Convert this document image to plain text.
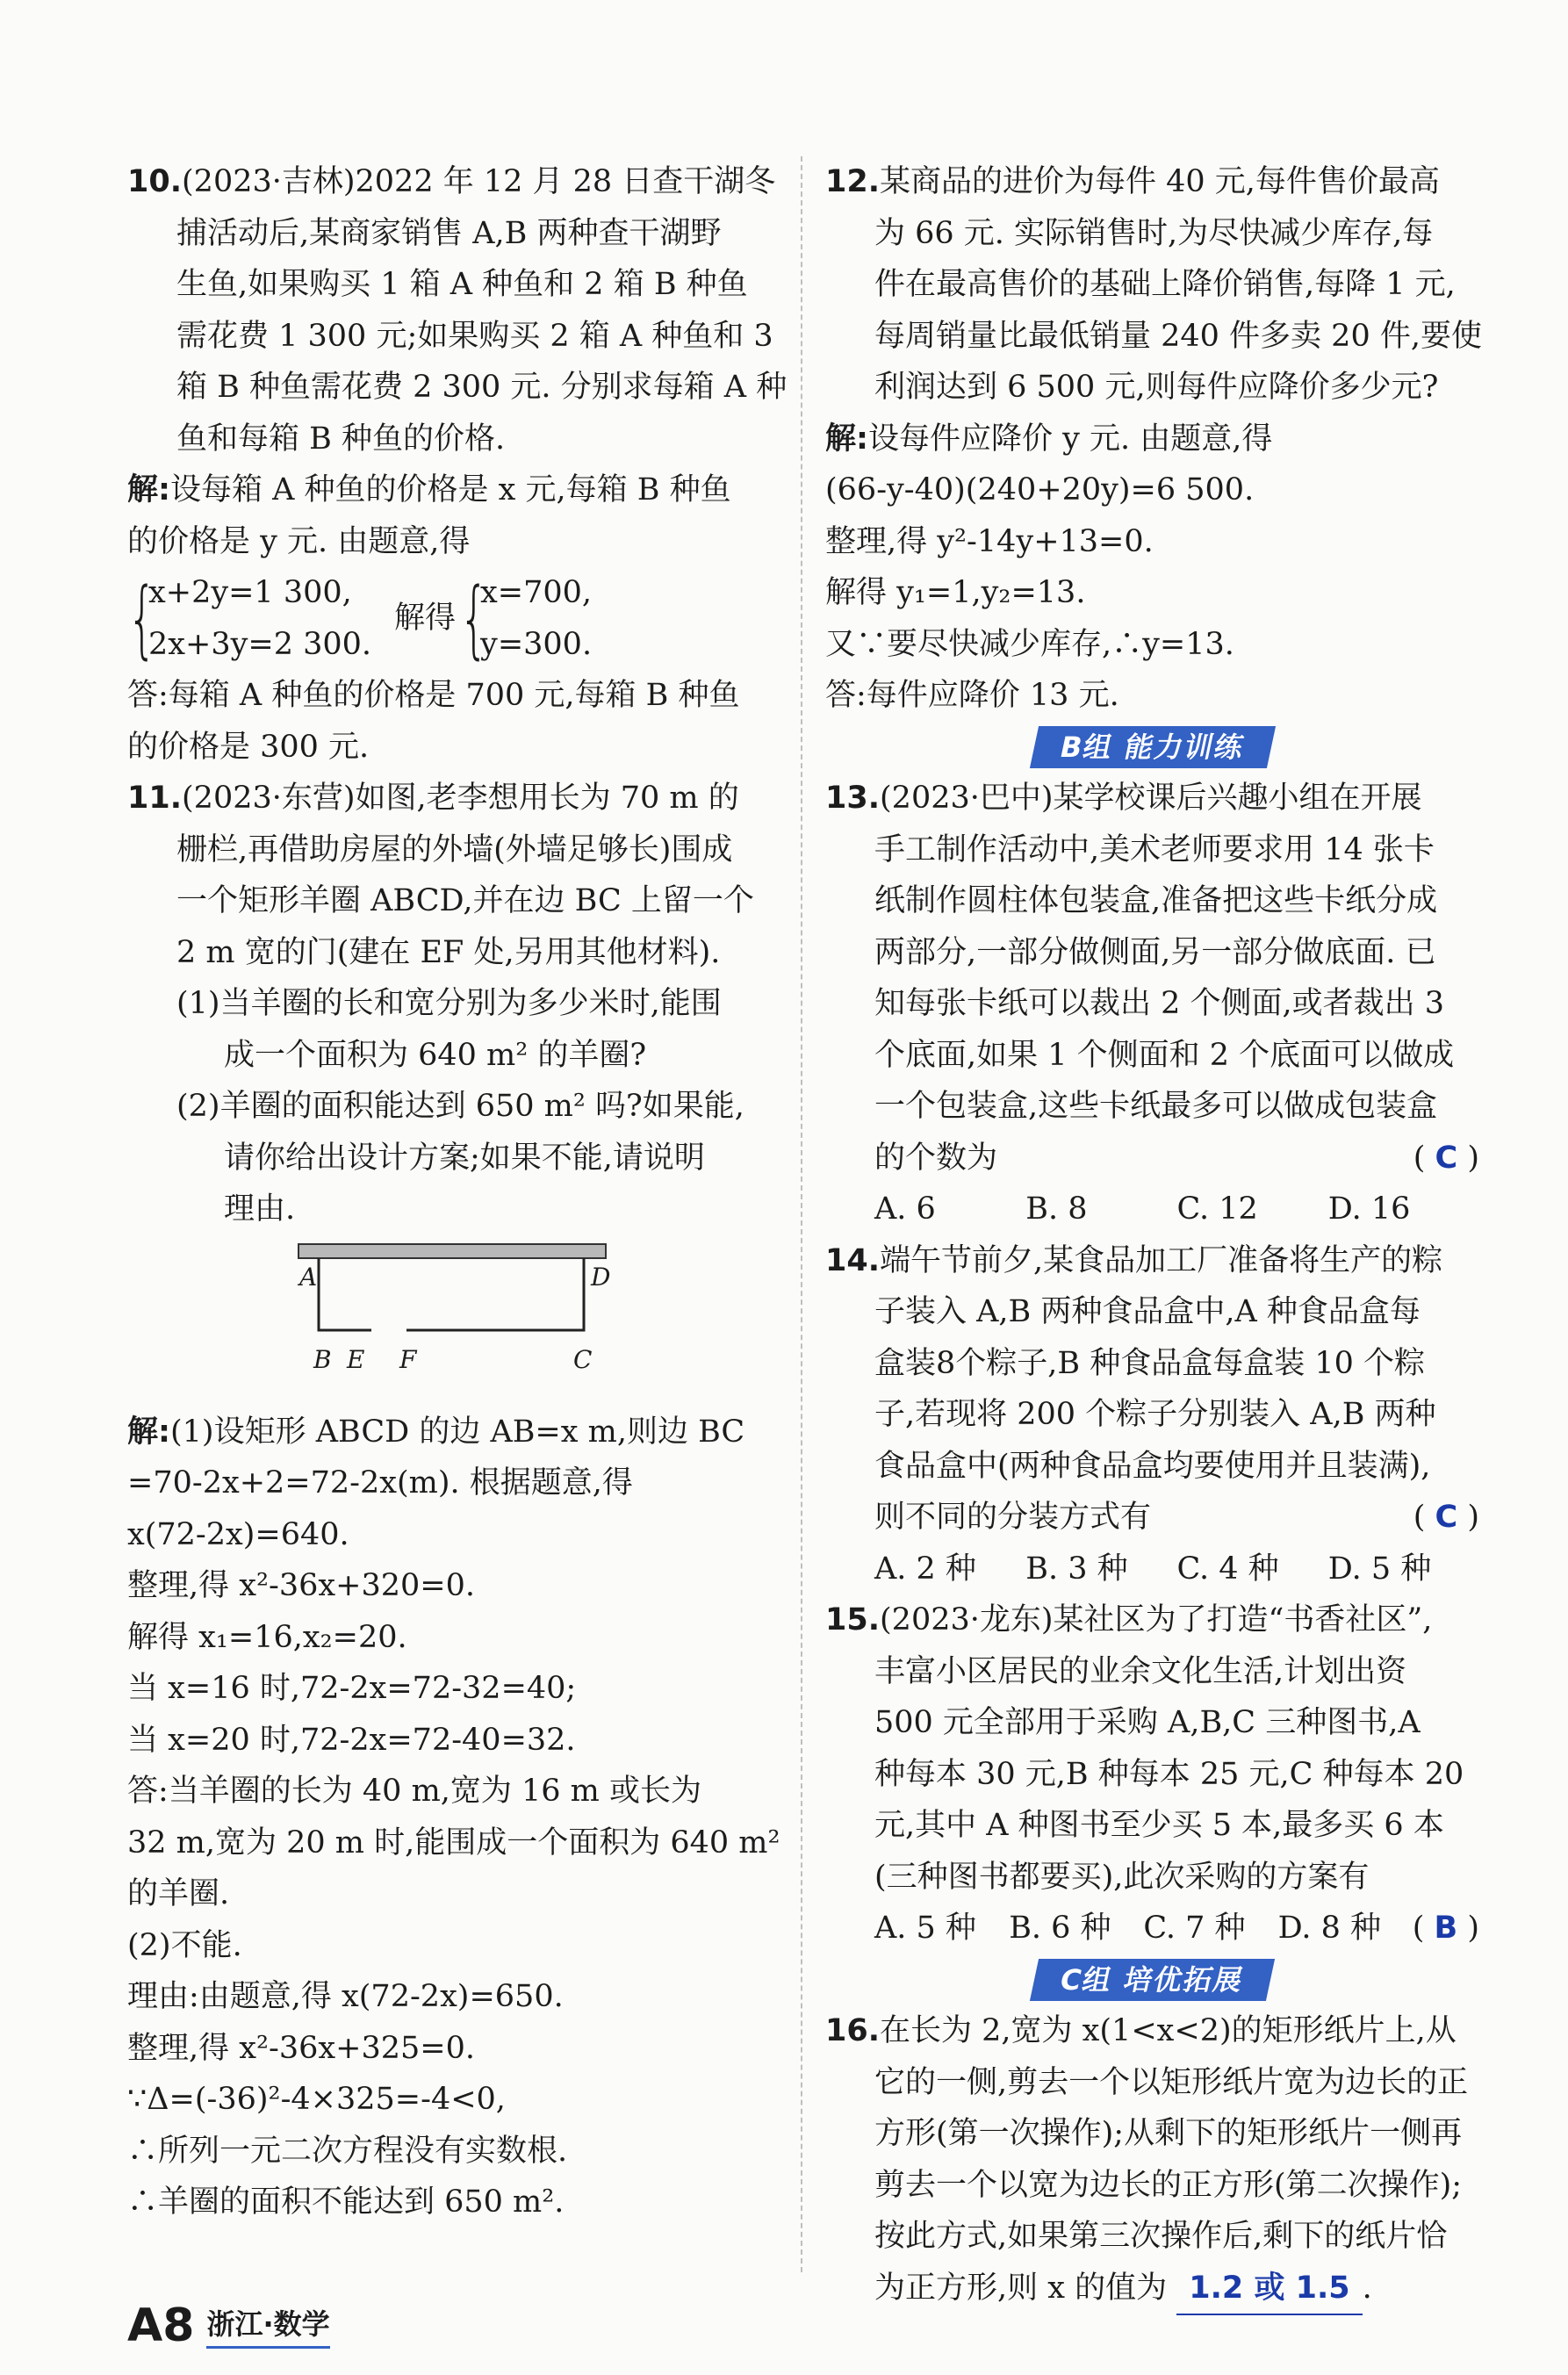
10.(2023·吉林)2022 年 12 月 28 日查干湖冬

捕活动后,某商家销售 A,B 两种查干湖野

生鱼,如果购买 1 箱 A 种鱼和 2 箱 B 种鱼

需花费 1 300 元;如果购买 2 箱 A 种鱼和 3

箱 B 种鱼需花费 2 300 元. 分别求每箱 A 种

鱼和每箱 B 种鱼的价格.

解:设每箱 A 种鱼的价格是 x 元,每箱 B 种鱼

的价格是 y 元. 由题意,得

{

x+2y=1 300,

2x+3y=2 300.

解得 {

x=700,

y=300.

答:每箱 A 种鱼的价格是 700 元,每箱 B 种鱼

的价格是 300 元.

11.(2023·东营)如图,老李想用长为 70 m 的

栅栏,再借助房屋的外墙(外墙足够长)围成

一个矩形羊圈 ABCD,并在边 BC 上留一个

2 m 宽的门(建在 EF 处,另用其他材料).

(1)当羊圈的长和宽分别为多少米时,能围

成一个面积为 640 m² 的羊圈?

(2)羊圈的面积能达到 650 m² 吗?如果能,

请你给出设计方案;如果不能,请说明

理由.

A	D
B E F	C

解:(1)设矩形 ABCD 的边 AB=x m,则边 BC

=70-2x+2=72-2x(m). 根据题意,得

x(72-2x)=640.

整理,得 x²-36x+320=0.

解得 x₁=16,x₂=20.

当 x=16 时,72-2x=72-32=40;

当 x=20 时,72-2x=72-40=32.

答:当羊圈的长为 40 m,宽为 16 m 或长为

32 m,宽为 20 m 时,能围成一个面积为 640 m²

的羊圈.

(2)不能.

理由:由题意,得 x(72-2x)=650.

整理,得 x²-36x+325=0.

∵Δ=(-36)²-4×325=-4<0,

∴所列一元二次方程没有实数根.

∴羊圈的面积不能达到 650 m².

12.某商品的进价为每件 40 元,每件售价最高

为 66 元. 实际销售时,为尽快减少库存,每

件在最高售价的基础上降价销售,每降 1 元,

每周销量比最低销量 240 件多卖 20 件,要使

利润达到 6 500 元,则每件应降价多少元?

解:设每件应降价 y 元. 由题意,得

(66-y-40)(240+20y)=6 500.

整理,得 y²-14y+13=0.

解得 y₁=1,y₂=13.

又∵要尽快减少库存,∴y=13.

答:每件应降价 13 元.

B组 能力训练

13.(2023·巴中)某学校课后兴趣小组在开展

手工制作活动中,美术老师要求用 14 张卡

纸制作圆柱体包装盒,准备把这些卡纸分成

两部分,一部分做侧面,另一部分做底面. 已

知每张卡纸可以裁出 2 个侧面,或者裁出 3

个底面,如果 1 个侧面和 2 个底面可以做成

一个包装盒,这些卡纸最多可以做成包装盒

的个数为	( C )

A. 6	B. 8	C. 12	D. 16

14.端午节前夕,某食品加工厂准备将生产的粽

子装入 A,B 两种食品盒中,A 种食品盒每

盒装8个粽子,B 种食品盒每盒装 10 个粽

子,若现将 200 个粽子分别装入 A,B 两种

食品盒中(两种食品盒均要使用并且装满),

则不同的分装方式有	( C )

A. 2 种	B. 3 种	C. 4 种	D. 5 种

15.(2023·龙东)某社区为了打造“书香社区”,

丰富小区居民的业余文化生活,计划出资

500 元全部用于采购 A,B,C 三种图书,A

种每本 30 元,B 种每本 25 元,C 种每本 20

元,其中 A 种图书至少买 5 本,最多买 6 本

(三种图书都要买),此次采购的方案有

( B )

A. 5 种	B. 6 种	C. 7 种	D. 8 种

C组 培优拓展

16.在长为 2,宽为 x(1<x<2)的矩形纸片上,从

它的一侧,剪去一个以矩形纸片宽为边长的正

方形(第一次操作);从剩下的矩形纸片一侧再

剪去一个以宽为边长的正方形(第二次操作);

按此方式,如果第三次操作后,剩下的纸片恰

为正方形,则 x 的值为 1.2 或 1.5 .

A8 浙江·数学
